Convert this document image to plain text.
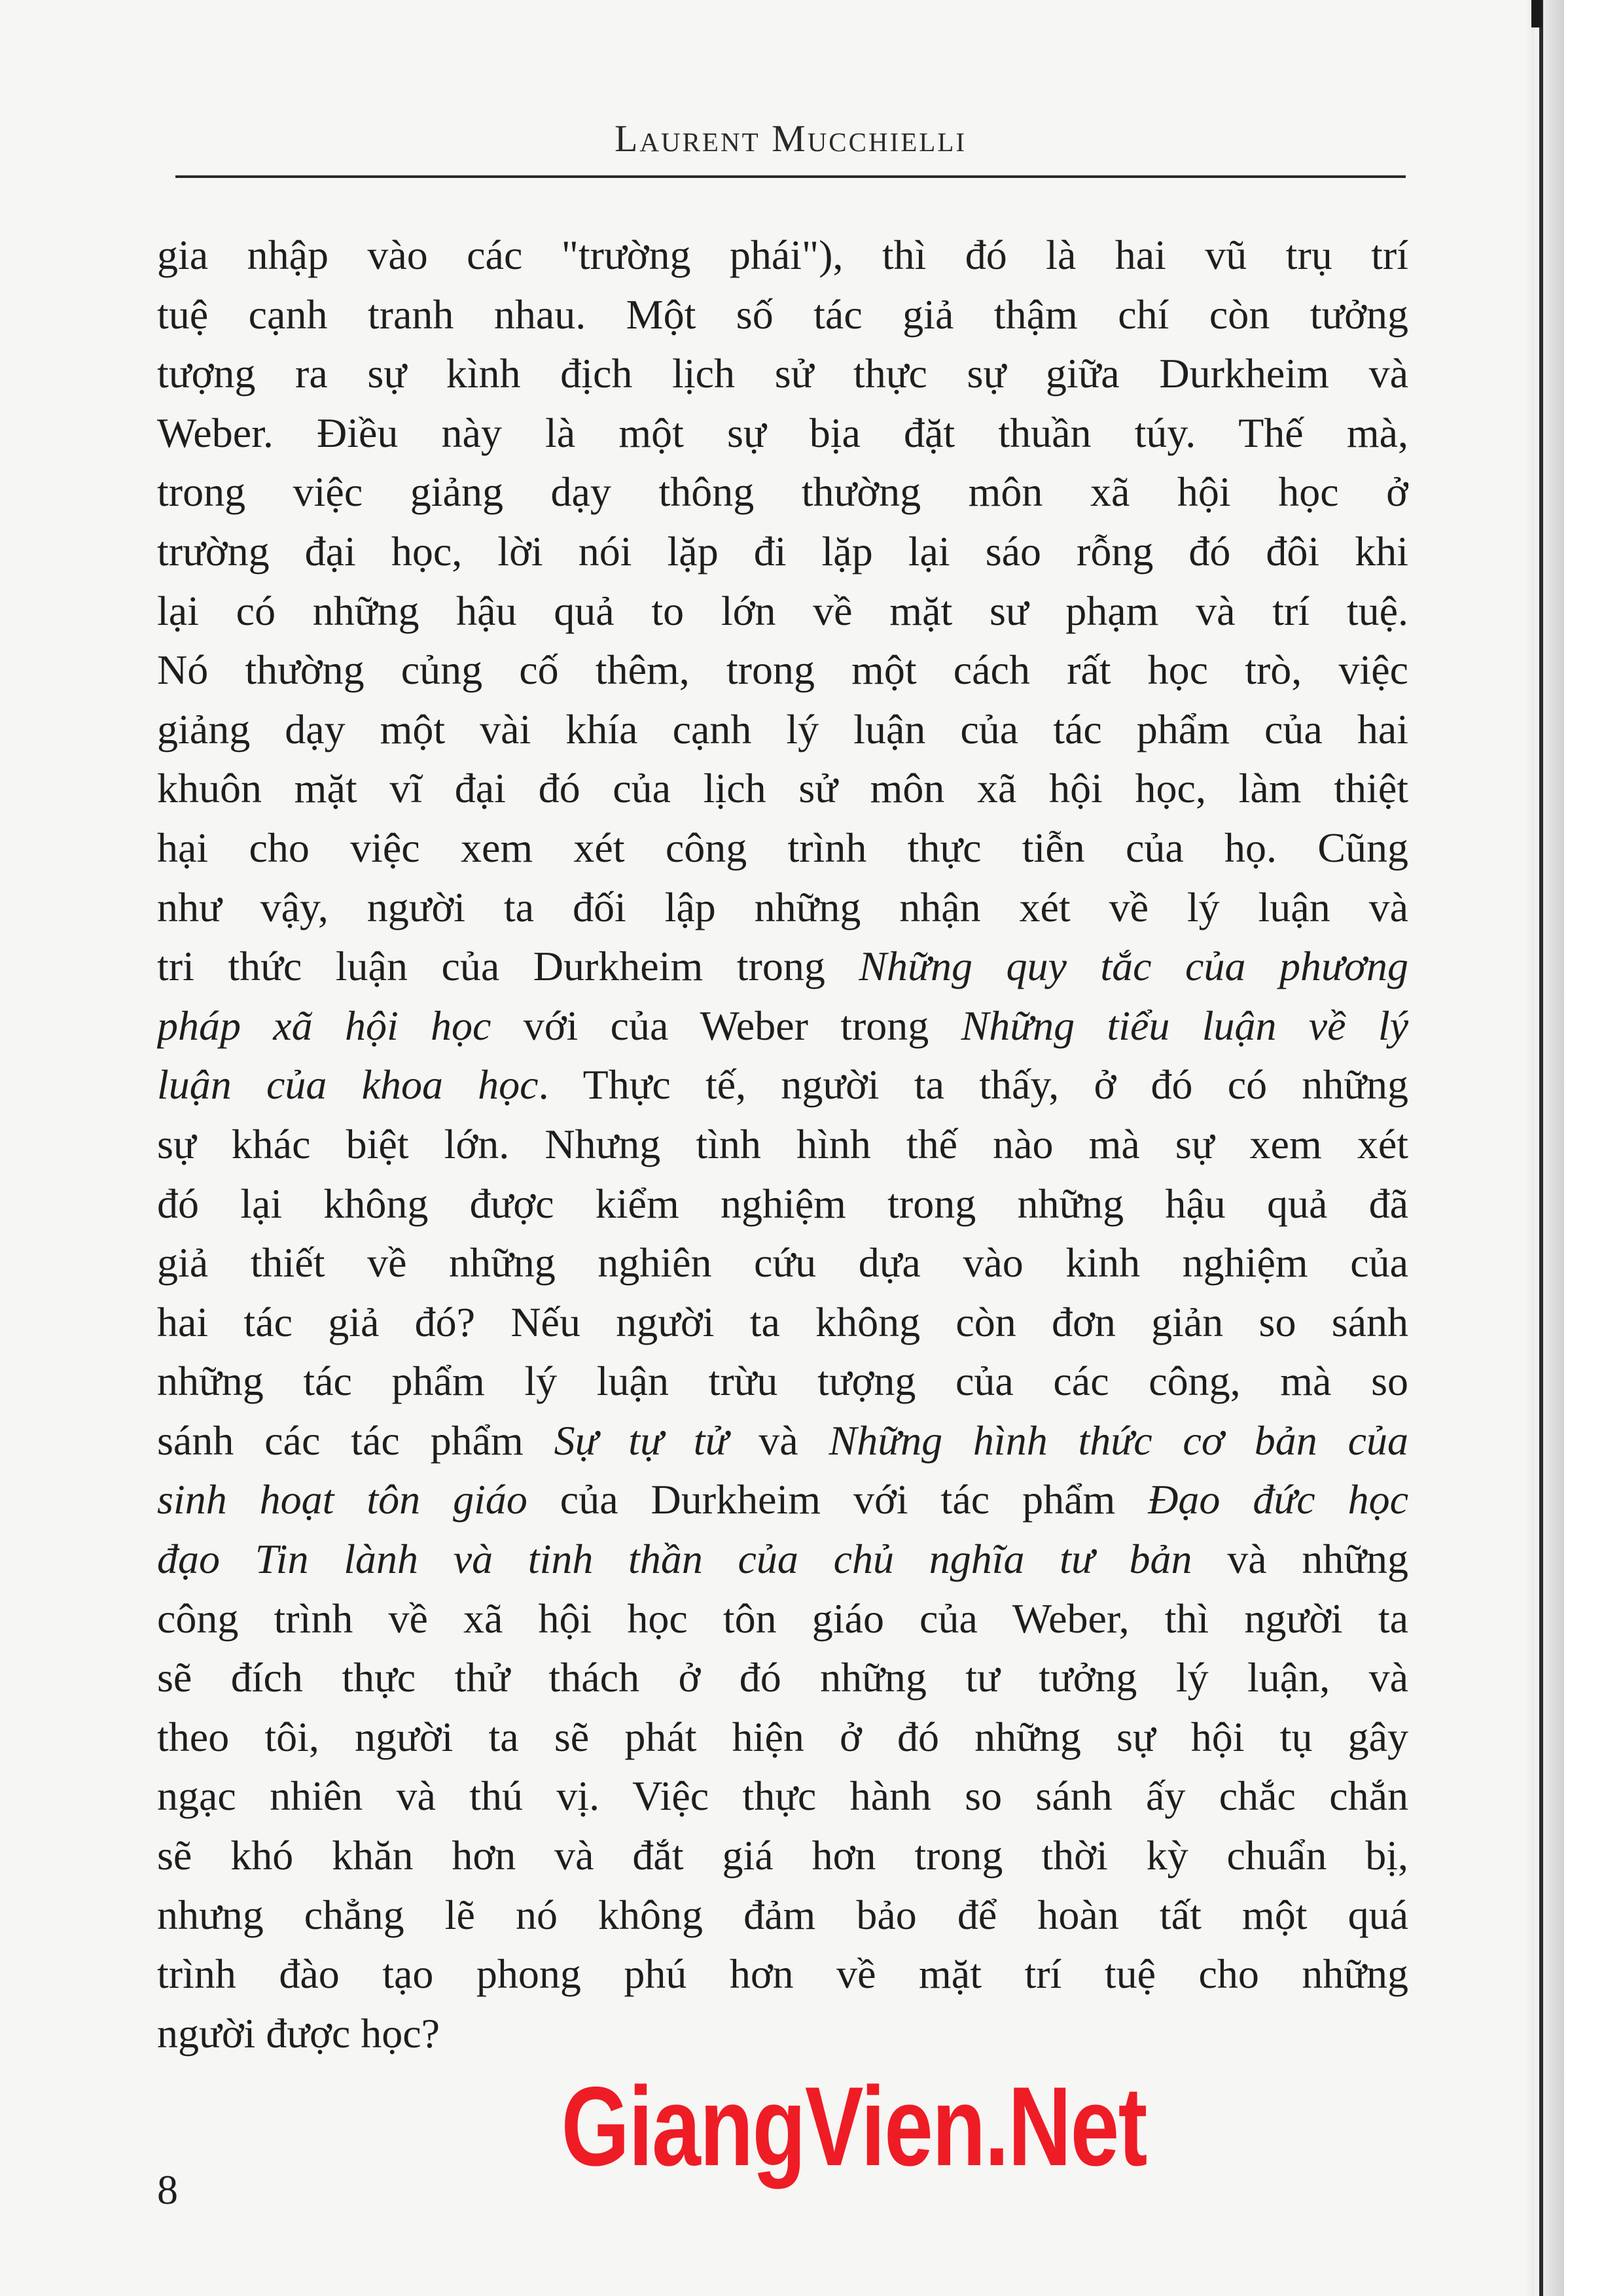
Laurent Mucchielli
gia nhập vào các "trường phái"), thì đó là hai vũ trụ trí
tuệ cạnh tranh nhau. Một số tác giả thậm chí còn tưởng
tượng ra sự kình địch lịch sử thực sự giữa Durkheim và
Weber. Điều này là một sự bịa đặt thuần túy. Thế mà,
trong việc giảng dạy thông thường môn xã hội học ở
trường đại học, lời nói lặp đi lặp lại sáo rỗng đó đôi khi
lại có những hậu quả to lớn về mặt sư phạm và trí tuệ.
Nó thường củng cố thêm, trong một cách rất học trò, việc
giảng dạy một vài khía cạnh lý luận của tác phẩm của hai
khuôn mặt vĩ đại đó của lịch sử môn xã hội học, làm thiệt
hại cho việc xem xét công trình thực tiễn của họ. Cũng
như vậy, người ta đối lập những nhận xét về lý luận và
tri thức luận của Durkheim trong Những quy tắc của phương
pháp xã hội học với của Weber trong Những tiểu luận về lý
luận của khoa học. Thực tế, người ta thấy, ở đó có những
sự khác biệt lớn. Nhưng tình hình thế nào mà sự xem xét
đó lại không được kiểm nghiệm trong những hậu quả đã
giả thiết về những nghiên cứu dựa vào kinh nghiệm của
hai tác giả đó? Nếu người ta không còn đơn giản so sánh
những tác phẩm lý luận trừu tượng của các công, mà so
sánh các tác phẩm Sự tự tử và Những hình thức cơ bản của
sinh hoạt tôn giáo của Durkheim với tác phẩm Đạo đức học
đạo Tin lành và tinh thần của chủ nghĩa tư bản và những
công trình về xã hội học tôn giáo của Weber, thì người ta
sẽ đích thực thử thách ở đó những tư tưởng lý luận, và
theo tôi, người ta sẽ phát hiện ở đó những sự hội tụ gây
ngạc nhiên và thú vị. Việc thực hành so sánh ấy chắc chắn
sẽ khó khăn hơn và đắt giá hơn trong thời kỳ chuẩn bị,
nhưng chẳng lẽ nó không đảm bảo để hoàn tất một quá
trình đào tạo phong phú hơn về mặt trí tuệ cho những
người được học?
8
GiangVien.Net
